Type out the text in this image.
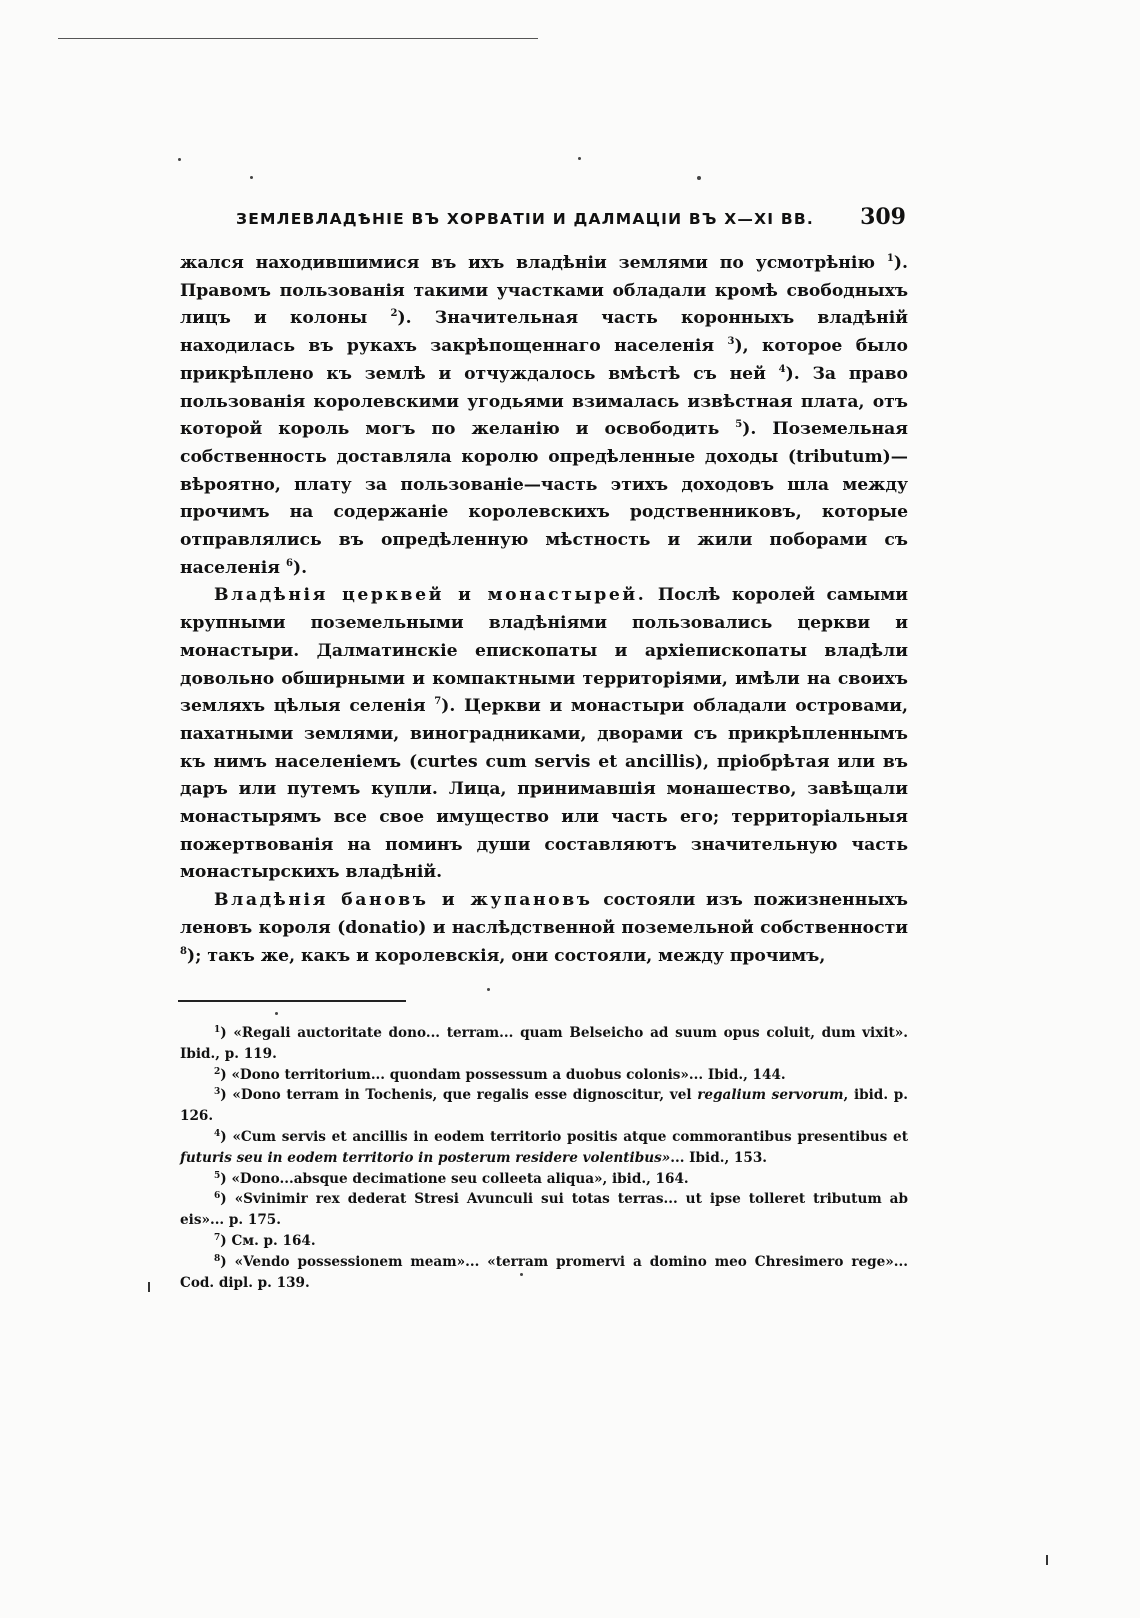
ЗЕМЛЕВЛАДѢНІЕ ВЪ ХОРВАТІИ И ДАЛМАЦІИ ВЪ X—XI ВВ. 309

жался находившимися въ ихъ владѣніи землями по усмотрѣнію $^1$). Правомъ пользованія такими участками обладали кромѣ свободныхъ лицъ и колоны $^2$). Значительная часть коронныхъ владѣній находилась въ рукахъ закрѣпощеннаго населенія $^3$), которое было прикрѣплено къ землѣ и отчуждалось вмѣстѣ съ ней $^4$). За право пользованія королевскими угодьями взималась извѣстная плата, отъ которой король могъ по желанію и освободить $^5$). Поземельная собственность доставляла королю опредѣленные доходы (tributum)—вѣроятно, плату за пользованіе—часть этихъ доходовъ шла между прочимъ на содержаніе королевскихъ родственниковъ, которые отправлялись въ опредѣленную мѣстность и жили поборами съ населенія $^6$).

Владѣнія церквей и монастырей. Послѣ королей самыми крупными поземельными владѣніями пользовались церкви и монастыри. Далматинскіе епископаты и архіепископаты владѣли довольно обширными и компактными территоріями, имѣли на своихъ земляхъ цѣлыя селенія $^7$). Церкви и монастыри обладали островами, пахатными землями, виноградниками, дворами съ прикрѣпленнымъ къ нимъ населеніемъ (curtes cum servis et ancillis), пріобрѣтая или въ даръ или путемъ купли. Лица, принимавшія монашество, завѣщали монастырямъ все свое имущество или часть его; территоріальныя пожертвованія на поминъ души составляютъ значительную часть монастырскихъ владѣній.

Владѣнія бановъ и жупановъ состояли изъ пожизненныхъ леновъ короля (donatio) и наслѣдственной поземельной собственности $^8$); такъ же, какъ и королевскія, они состояли, между прочимъ,

$^1$) «Regali auctoritate dono... terram... quam Belseicho ad suum opus coluit, dum vixit». Ibid., p. 119.

$^2$) «Dono territorium... quondam possessum a duobus colonis»... Ibid., 144.

$^3$) «Dono terram in Tochenis, que regalis esse dignoscitur, vel regalium servorum, ibid. p. 126.

$^4$) «Cum servis et ancillis in eodem territorio positis atque commorantibus presentibus et futuris seu in eodem territorio in posterum residere volentibus»... Ibid., 153.

$^5$) «Dono...absque decimatione seu colleeta aliqua», ibid., 164.

$^6$) «Svinimir rex dederat Stresi Avunculi sui totas terras... ut ipse tolleret tributum ab eis»... p. 175.

$^7$) См. p. 164.

$^8$) «Vendo possessionem meam»... «terram promervi a domino meo Chresimero rege»... Cod. dipl. p. 139.
